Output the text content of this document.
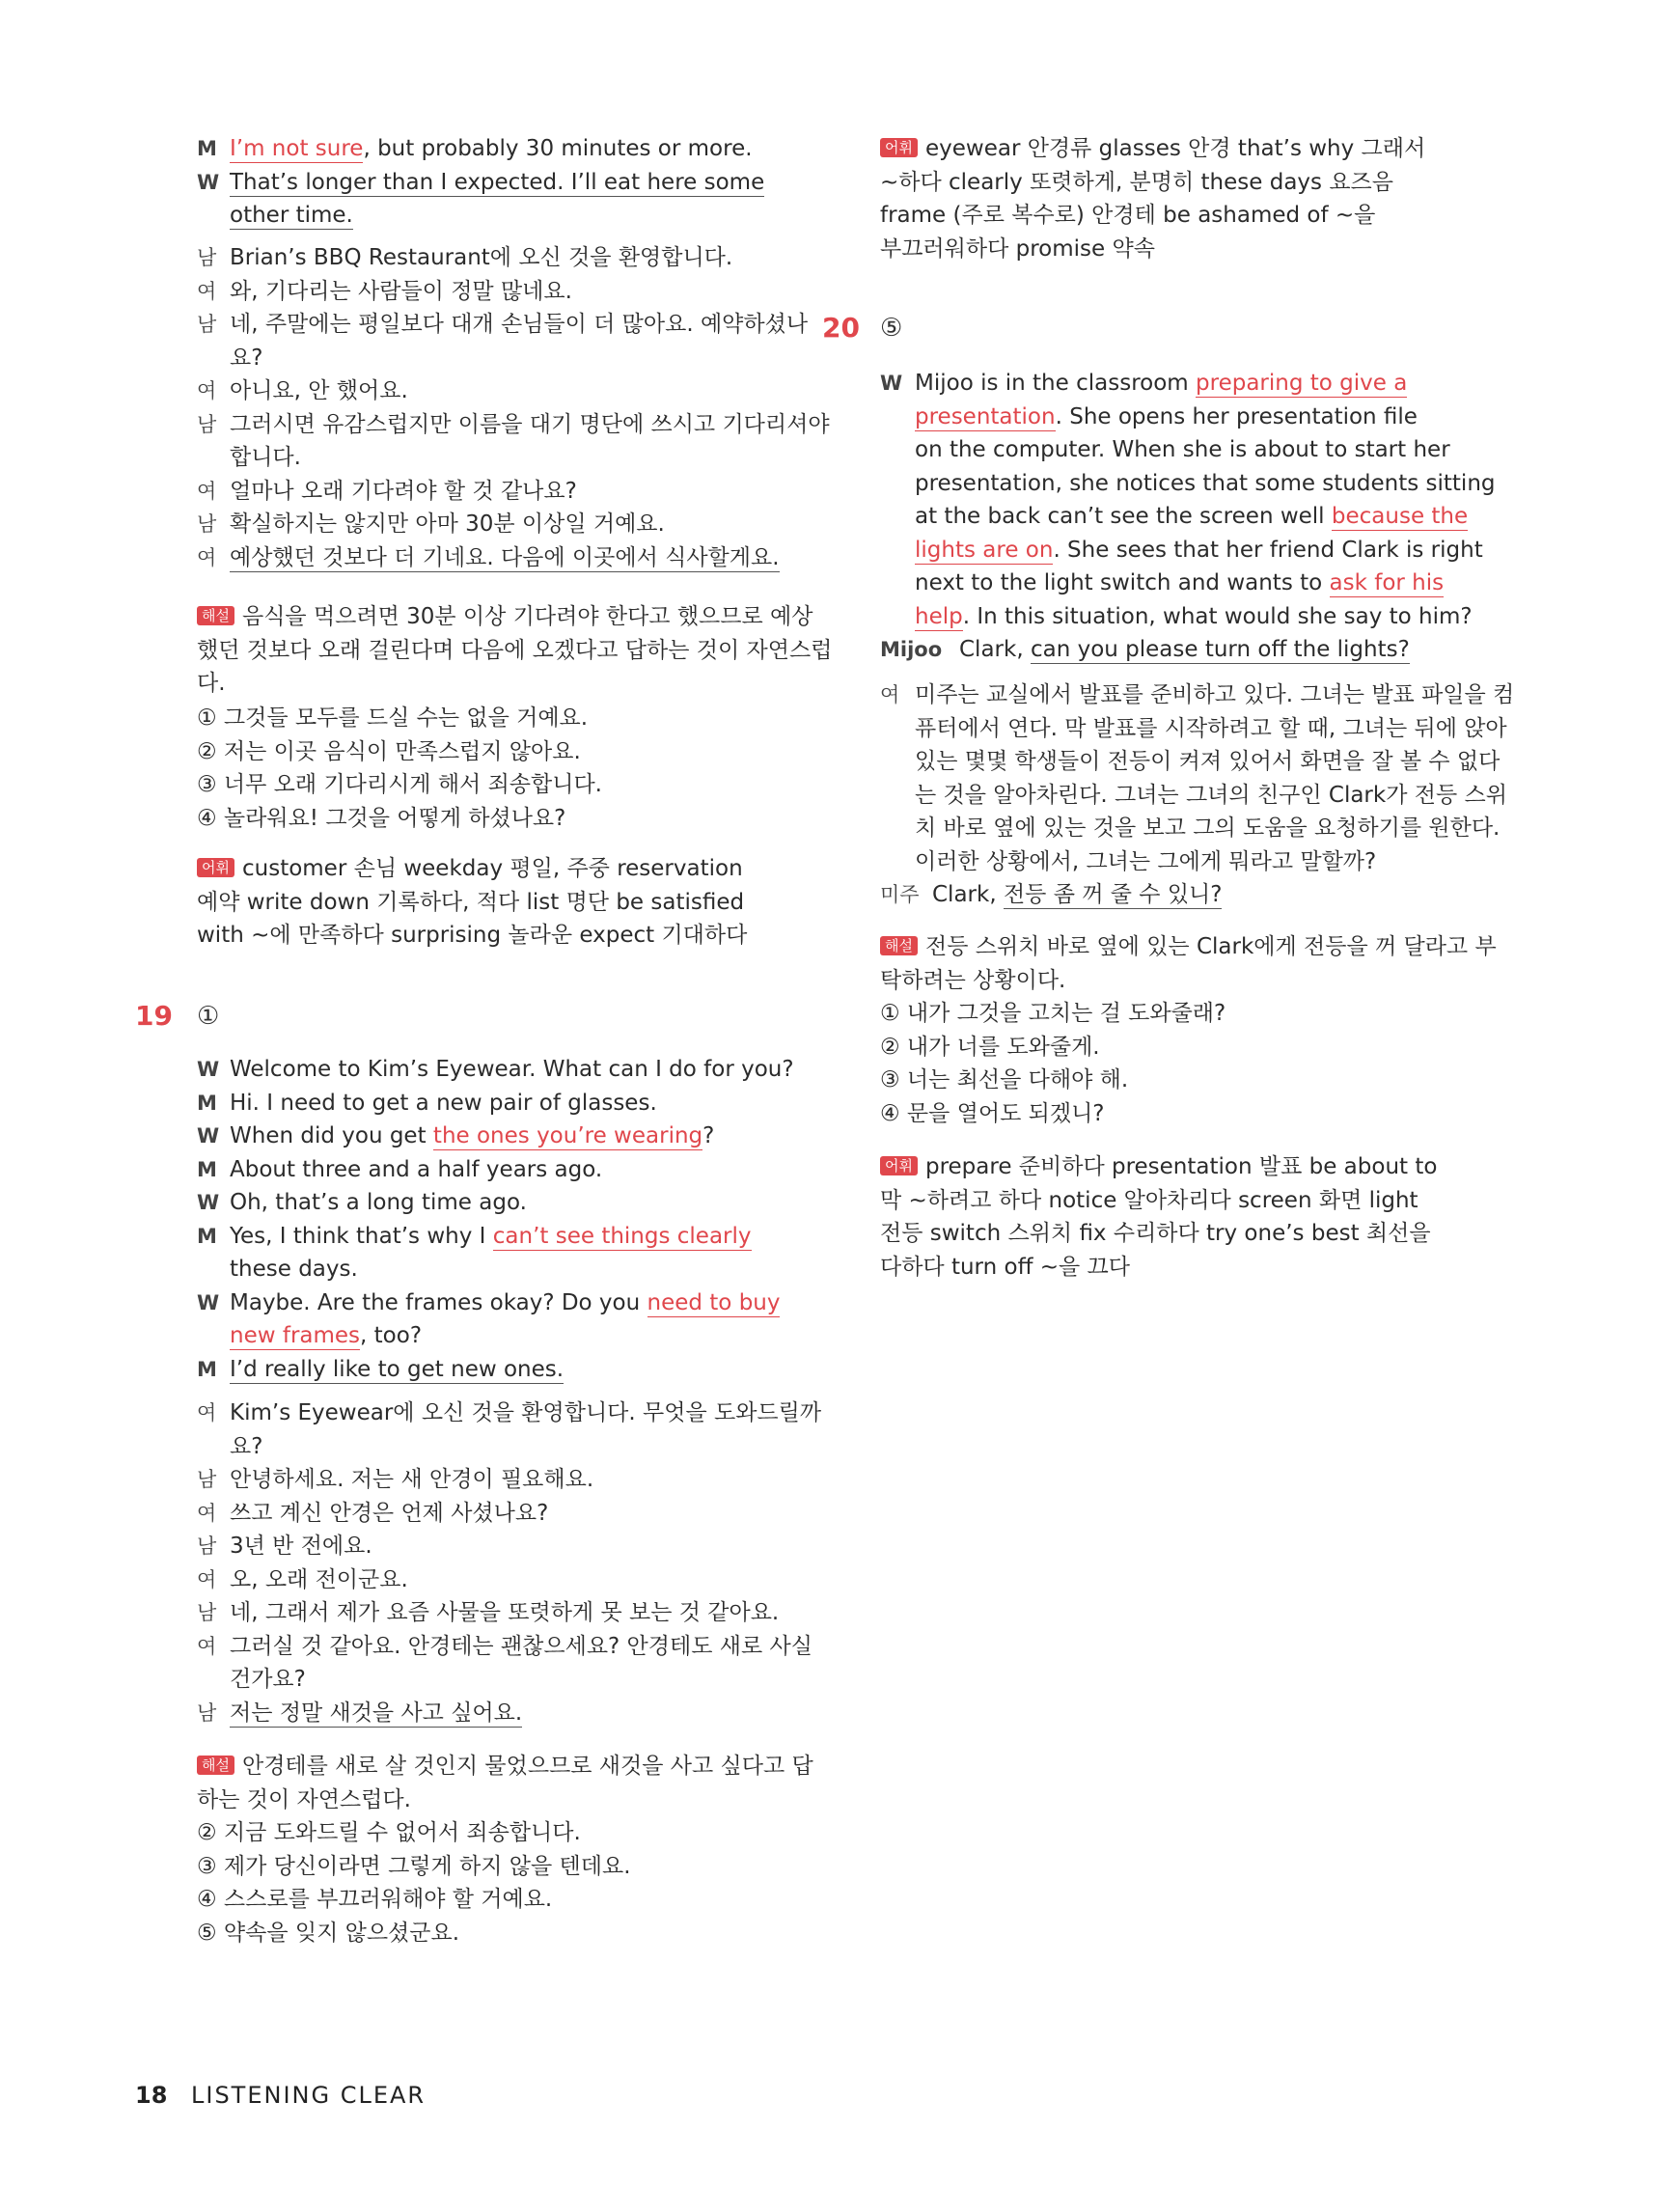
18 LISTENING CLEAR
M I’m not sure, but probably 30 minutes or more.
W That’s longer than I expected. I’ll eat here some
other time.
남 Brian’s BBQ Restaurant에 오신 것을 환영합니다.
여 와, 기다리는 사람들이 정말 많네요.
남 네, 주말에는 평일보다 대개 손님들이 더 많아요. 예약하셨나
요?
여 아니요, 안 했어요.
남 그러시면 유감스럽지만 이름을 대기 명단에 쓰시고 기다리셔야
합니다.
여 얼마나 오래 기다려야 할 것 같나요?
남 확실하지는 않지만 아마 30분 이상일 거예요.
여 예상했던 것보다 더 기네요. 다음에 이곳에서 식사할게요.
해설 음식을 먹으려면 30분 이상 기다려야 한다고 했으므로 예상
했던 것보다 오래 걸린다며 다음에 오겠다고 답하는 것이 자연스럽
다.
① 그것들 모두를 드실 수는 없을 거예요.
② 저는 이곳 음식이 만족스럽지 않아요.
③ 너무 오래 기다리시게 해서 죄송합니다.
④ 놀라워요! 그것을 어떻게 하셨나요?
어휘 customer 손님 weekday 평일, 주중 reservation
예약 write down 기록하다, 적다 list 명단 be satisfied
with ~에 만족하다 surprising 놀라운 expect 기대하다
19 ①
W Welcome to Kim’s Eyewear. What can I do for you?
M Hi. I need to get a new pair of glasses.
W When did you get the ones you’re wearing?
M About three and a half years ago.
W Oh, that’s a long time ago.
M Yes, I think that’s why I can’t see things clearly
these days.
W Maybe. Are the frames okay? Do you need to buy
new frames, too?
M I’d really like to get new ones.
여 Kim’s Eyewear에 오신 것을 환영합니다. 무엇을 도와드릴까
요?
남 안녕하세요. 저는 새 안경이 필요해요.
여 쓰고 계신 안경은 언제 사셨나요?
남 3년 반 전에요.
여 오, 오래 전이군요.
남 네, 그래서 제가 요즘 사물을 또렷하게 못 보는 것 같아요.
여 그러실 것 같아요. 안경테는 괜찮으세요? 안경테도 새로 사실
건가요?
남 저는 정말 새것을 사고 싶어요.
해설 안경테를 새로 살 것인지 물었으므로 새것을 사고 싶다고 답
하는 것이 자연스럽다.
② 지금 도와드릴 수 없어서 죄송합니다.
③ 제가 당신이라면 그렇게 하지 않을 텐데요.
④ 스스로를 부끄러워해야 할 거예요.
⑤ 약속을 잊지 않으셨군요.
어휘 eyewear 안경류 glasses 안경 that’s why 그래서
~하다 clearly 또렷하게, 분명히 these days 요즈음
frame (주로 복수로) 안경테 be ashamed of ~을
부끄러워하다 promise 약속
20 ⑤
W Mijoo is in the classroom preparing to give a
presentation. She opens her presentation file
on the computer. When she is about to start her
presentation, she notices that some students sitting
at the back can’t see the screen well because the
lights are on. She sees that her friend Clark is right
next to the light switch and wants to ask for his
help. In this situation, what would she say to him?
Mijoo Clark, can you please turn off the lights?
여 미주는 교실에서 발표를 준비하고 있다. 그녀는 발표 파일을 컴
퓨터에서 연다. 막 발표를 시작하려고 할 때, 그녀는 뒤에 앉아
있는 몇몇 학생들이 전등이 켜져 있어서 화면을 잘 볼 수 없다
는 것을 알아차린다. 그녀는 그녀의 친구인 Clark가 전등 스위
치 바로 옆에 있는 것을 보고 그의 도움을 요청하기를 원한다.
이러한 상황에서, 그녀는 그에게 뭐라고 말할까?
미주 Clark, 전등 좀 꺼 줄 수 있니?
해설 전등 스위치 바로 옆에 있는 Clark에게 전등을 꺼 달라고 부
탁하려는 상황이다.
① 내가 그것을 고치는 걸 도와줄래?
② 내가 너를 도와줄게.
③ 너는 최선을 다해야 해.
④ 문을 열어도 되겠니?
어휘 prepare 준비하다 presentation 발표 be about to
막 ~하려고 하다 notice 알아차리다 screen 화면 light
전등 switch 스위치 fix 수리하다 try one’s best 최선을
다하다 turn off ~을 끄다
